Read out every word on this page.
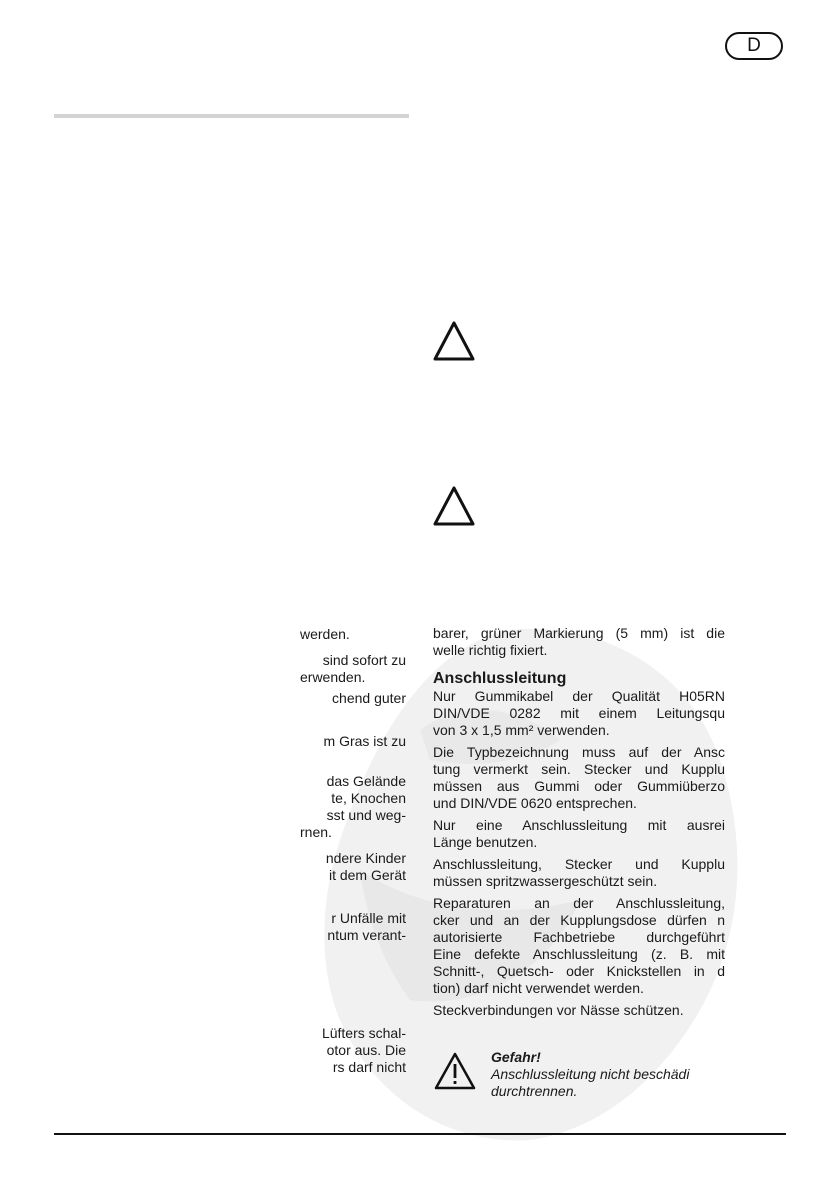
D
werden.
sind sofort zu
erwenden.
chend guter
m Gras ist zu
das Gelände
te, Knochen
sst und weg-
rnen.
ndere Kinder
it dem Gerät
r Unfälle mit
ntum verant-
Lüfters schal-
otor aus. Die
rs darf nicht

barer, grüner Markierung (5 mm) ist die
welle richtig fixiert.

Anschlussleitung

Nur Gummikabel der Qualität H05RN
DIN/VDE 0282 mit einem Leitungsqu
von 3 x 1,5 mm² verwenden.

Die Typbezeichnung muss auf der Ansc
tung vermerkt sein. Stecker und Kupplu
müssen aus Gummi oder Gummiüberzo
und DIN/VDE 0620 entsprechen.

Nur eine Anschlussleitung mit ausrei
Länge benutzen.

Anschlussleitung, Stecker und Kupplu
müssen spritzwassergeschützt sein.

Reparaturen an der Anschlussleitung,
cker und an der Kupplungsdose dürfen n
autorisierte Fachbetriebe durchgeführt
Eine defekte Anschlussleitung (z. B. mit
Schnitt-, Quetsch- oder Knickstellen in d
tion) darf nicht verwendet werden.

Steckverbindungen vor Nässe schützen.

Gefahr!
Anschlussleitung nicht beschädi
durchtrennen.
